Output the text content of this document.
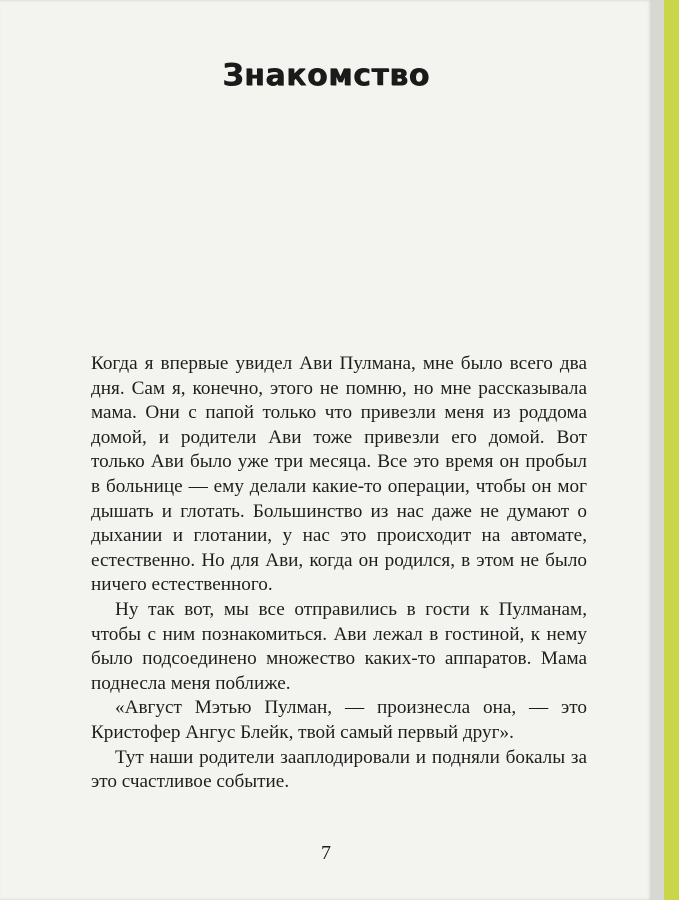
Знакомство

Когда я впервые увидел Ави Пулмана, мне было всего два дня. Сам я, конечно, этого не помню, но мне рассказывала мама. Они с папой только что привезли меня из роддома домой, и родители Ави тоже привезли его домой. Вот только Ави было уже три месяца. Все это время он пробыл в больнице — ему делали какие-то операции, чтобы он мог дышать и глотать. Большинство из нас даже не думают о дыхании и глотании, у нас это происходит на автомате, естественно. Но для Ави, когда он родился, в этом не было ничего естественного.

Ну так вот, мы все отправились в гости к Пулманам, чтобы с ним познакомиться. Ави лежал в гостиной, к нему было подсоединено множество каких-то аппаратов. Мама поднесла меня поближе.

«Август Мэтью Пулман, — произнесла она, — это Кристофер Ангус Блейк, твой самый первый друг».

Тут наши родители зааплодировали и подняли бокалы за это счастливое событие.

7
